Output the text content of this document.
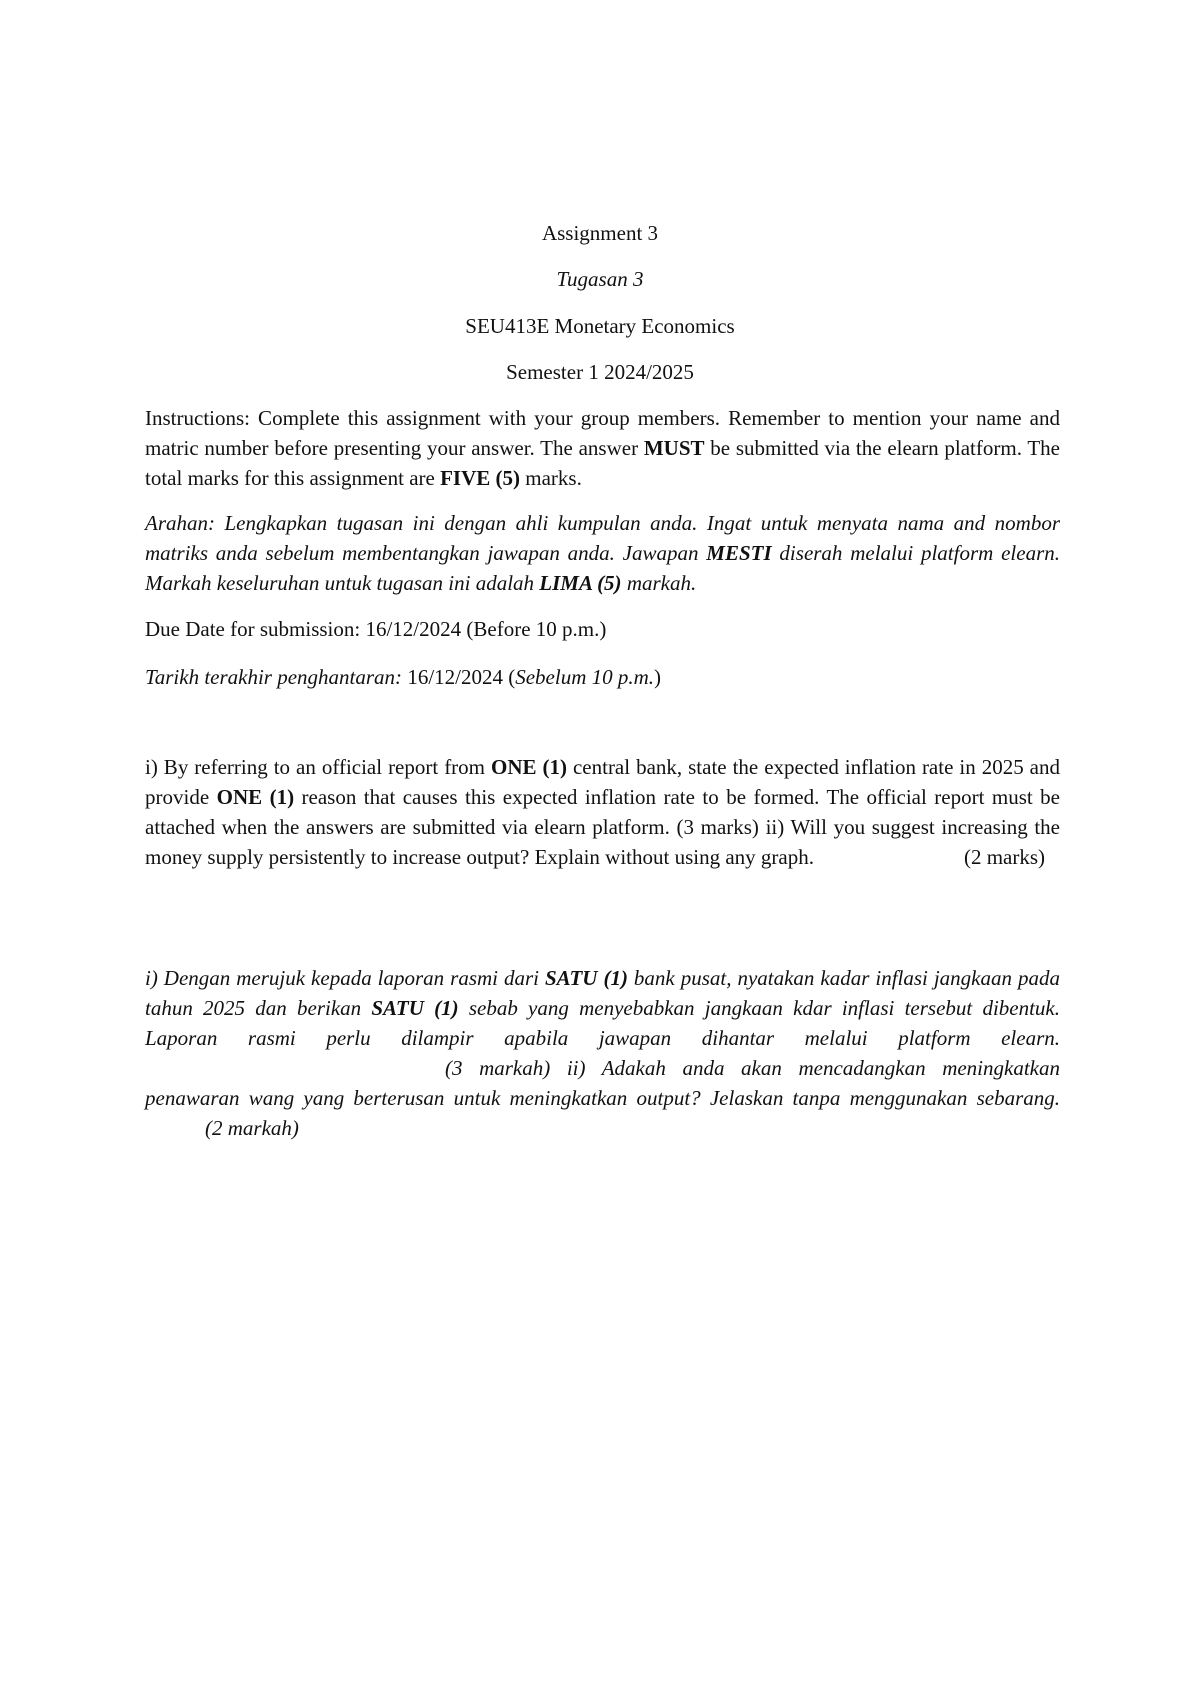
Assignment 3
Tugasan 3
SEU413E Monetary Economics
Semester 1 2024/2025

Instructions: Complete this assignment with your group members. Remember to mention your name and matric number before presenting your answer. The answer MUST be submitted via the elearn platform. The total marks for this assignment are FIVE (5) marks.

Arahan: Lengkapkan tugasan ini dengan ahli kumpulan anda. Ingat untuk menyata nama and nombor matriks anda sebelum membentangkan jawapan anda. Jawapan MESTI diserah melalui platform elearn. Markah keseluruhan untuk tugasan ini adalah LIMA (5) markah.

Due Date for submission: 16/12/2024 (Before 10 p.m.)
Tarikh terakhir penghantaran: 16/12/2024 (Sebelum 10 p.m.)

i) By referring to an official report from ONE (1) central bank, state the expected inflation rate in 2025 and provide ONE (1) reason that causes this expected inflation rate to be formed. The official report must be attached when the answers are submitted via elearn platform. (3 marks) ii) Will you suggest increasing the money supply persistently to increase output? Explain without using any graph.	(2 marks)

i) Dengan merujuk kepada laporan rasmi dari SATU (1) bank pusat, nyatakan kadar inflasi jangkaan pada tahun 2025 dan berikan SATU (1) sebab yang menyebabkan jangkaan kdar inflasi tersebut dibentuk. Laporan rasmi perlu dilampir apabila jawapan dihantar melalui platform elearn.(3 markah) ii) Adakah anda akan mencadangkan meningkatkan penawaran wang yang berterusan untuk meningkatkan output? Jelaskan tanpa menggunakan sebarang.(2 markah)
